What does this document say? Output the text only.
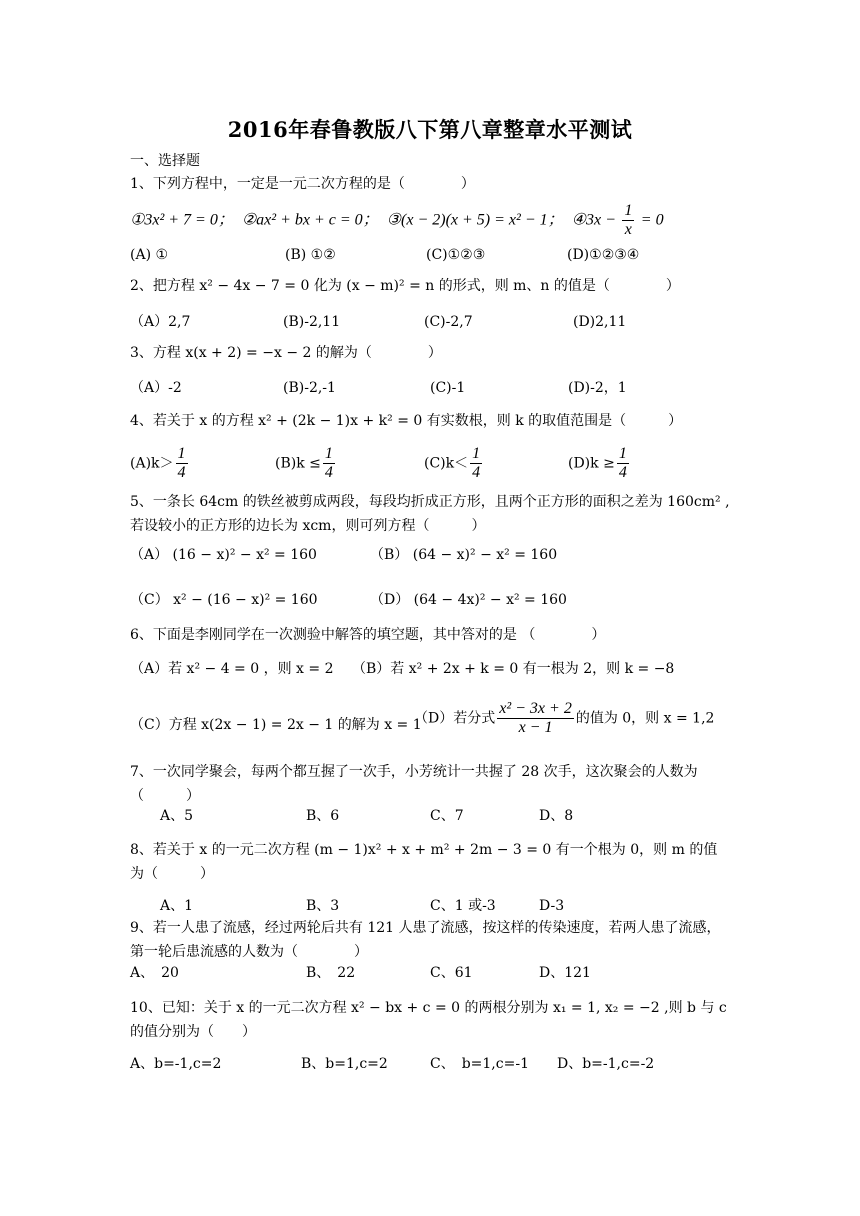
2016年春鲁教版八下第八章整章水平测试
一、选择题
1、下列方程中，一定是一元二次方程的是（　　　　）
①3x² + 7 = 0；　②ax² + bx + c = 0；　③(x − 2)(x + 5) = x² − 1；　④3x − $\frac{1}{x} = 0$
(A) ①	(B) ①②	(C)①②③	(D)①②③④
2、把方程 x² − 4x − 7 = 0 化为 (x − m)² = n 的形式，则 m、n 的值是（　　　　）
（A）2,7	(B)-2,11	(C)-2,7	(D)2,11
3、方程 x(x + 2) = −x − 2 的解为（　　　　）
（A）-2	(B)-2,-1	(C)-1	(D)-2，1
4、若关于 x 的方程 x² + (2k − 1)x + k² = 0 有实数根，则 k 的取值范围是（　　　）
$(A)k> \frac{1}{4}$	$(B)k \le \frac{1}{4}$	$(C)k< \frac{1}{4}$	$(D)k \ge \frac{1}{4}$
5、一条长 64cm 的铁丝被剪成两段，每段均折成正方形，且两个正方形的面积之差为 160cm² ,若设较小的正方形的边长为 xcm，则可列方程（　　　）
（A） (16 − x)² − x² = 160	（B） (64 − x)² − x² = 160
（C） x² − (16 − x)² = 160	（D） (64 − 4x)² − x² = 160
6、下面是李刚同学在一次测验中解答的填空题，其中答对的是 （　　　　）
（A）若 x² − 4 = 0 ，则 x = 2 （B）若 x² + 2x + k = 0 有一根为 2，则 k = −8
（C）方程 x(2x − 1) = 2x − 1 的解为 x = 1
（D）若分式 $\frac{\text{x² − 3x + 2}}{x - 1}$ 的值为 0，则 x = 1,2
7、一次同学聚会，每两个都互握了一次手，小芳统计一共握了 28 次手，这次聚会的人数为（　　　）
A、5	B、6	C、7	D、8
8、若关于 x 的一元二次方程 (m − 1)x² + x + m² + 2m − 3 = 0 有一个根为 0，则 m 的值为（　　　）
A、1	B、3	C、1 或-3	D-3
9、若一人患了流感，经过两轮后共有 121 人患了流感，按这样的传染速度，若两人患了流感，第一轮后患流感的人数为（　　　　）
A、　20	B、　22	C、61	D、121
10、已知：关于 x 的一元二次方程 x² − bx + c = 0 的两根分别为 x₁ = 1, x₂ = −2 ,则 b 与 c 的值分别为（　　）
A、b=-1,c=2	B、b=1,c=2	C、　b=1,c=-1 D、b=-1,c=-2
